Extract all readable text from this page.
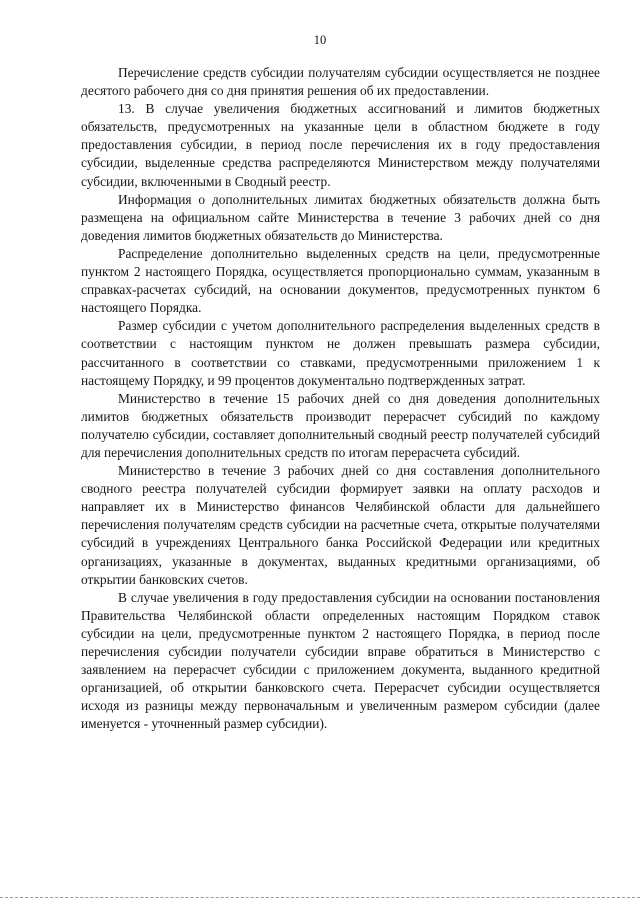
10

Перечисление средств субсидии получателям субсидии осуществляется не позднее десятого рабочего дня со дня принятия решения об их предоставлении.

13. В случае увеличения бюджетных ассигнований и лимитов бюджетных обязательств, предусмотренных на указанные цели в областном бюджете в году предоставления субсидии, в период после перечисления их в году предоставления субсидии, выделенные средства распределяются Министерством между получателями субсидии, включенными в Сводный реестр.

Информация о дополнительных лимитах бюджетных обязательств должна быть размещена на официальном сайте Министерства в течение 3 рабочих дней со дня доведения лимитов бюджетных обязательств до Министерства.

Распределение дополнительно выделенных средств на цели, предусмотренные пунктом 2 настоящего Порядка, осуществляется пропорционально суммам, указанным в справках-расчетах субсидий, на основании документов, предусмотренных пунктом 6 настоящего Порядка.

Размер субсидии с учетом дополнительного распределения выделенных средств в соответствии с настоящим пунктом не должен превышать размера субсидии, рассчитанного в соответствии со ставками, предусмотренными приложением 1 к настоящему Порядку, и 99 процентов документально подтвержденных затрат.

Министерство в течение 15 рабочих дней со дня доведения дополнительных лимитов бюджетных обязательств производит перерасчет субсидий по каждому получателю субсидии, составляет дополнительный сводный реестр получателей субсидий для перечисления дополнительных средств по итогам перерасчета субсидий.

Министерство в течение 3 рабочих дней со дня составления дополнительного сводного реестра получателей субсидии формирует заявки на оплату расходов и направляет их в Министерство финансов Челябинской области для дальнейшего перечисления получателям средств субсидии на расчетные счета, открытые получателями субсидий в учреждениях Центрального банка Российской Федерации или кредитных организациях, указанные в документах, выданных кредитными организациями, об открытии банковских счетов.

В случае увеличения в году предоставления субсидии на основании постановления Правительства Челябинской области определенных настоящим Порядком ставок субсидии на цели, предусмотренные пунктом 2 настоящего Порядка, в период после перечисления субсидии получатели субсидии вправе обратиться в Министерство с заявлением на перерасчет субсидии с приложением документа, выданного кредитной организацией, об открытии банковского счета. Перерасчет субсидии осуществляется исходя из разницы между первоначальным и увеличенным размером субсидии (далее именуется - уточненный размер субсидии).
